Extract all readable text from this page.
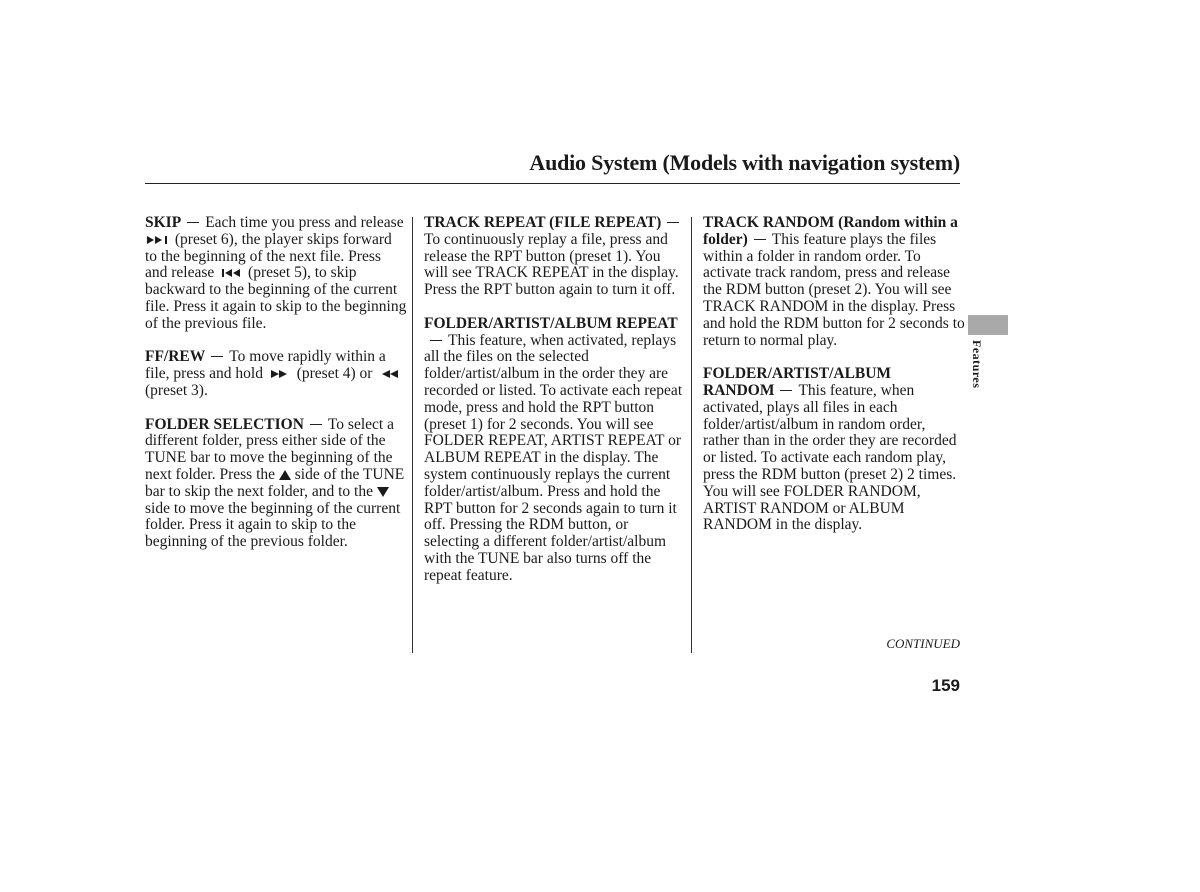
Audio System (Models with navigation system)

SKIP Each time you press and release
(preset 6), the player skips forward to the beginning of the next file. Press and release (preset 5), to skip backward to the beginning of the current file. Press it again to skip to the beginning of the previous file.

FF/REW To move rapidly within a file, press and hold (preset 4) or
(preset 3).

FOLDER SELECTION To select a different folder, press either side of the TUNE bar to move the beginning of the next folder. Press the side of the TUNE bar to skip the next folder, and to the
side to move the beginning of the current folder. Press it again to skip to the beginning of the previous folder.

TRACK REPEAT (FILE REPEAT)To continuously replay a file, press and release the RPT button (preset 1). You will see TRACK REPEAT in the display. Press the RPT button again to turn it off.

FOLDER/ARTIST/ALBUM REPEATThis feature, when activated, replays all the files on the selected folder/artist/album in the order they are recorded or listed. To activate each repeat mode, press and hold the RPT button (preset 1) for 2 seconds. You will see FOLDER REPEAT, ARTIST REPEAT or ALBUM REPEAT in the display. The system continuously replays the current folder/artist/album. Press and hold the RPT button for 2 seconds again to turn it off. Pressing the RDM button, or selecting a different folder/artist/album with the TUNE bar also turns off the repeat feature.

TRACK RANDOM (Random within a folder) This feature plays the files within a folder in random order. To activate track random, press and release the RDM button (preset 2). You will see TRACK RANDOM in the display. Press and hold the RDM button for 2 seconds to return to normal play.

FOLDER/ARTIST/ALBUM RANDOM This feature, when activated, plays all files in each folder/artist/album in random order, rather than in the order they are recorded or listed. To activate each random play, press the RDM button (preset 2) 2 times. You will see FOLDER RANDOM, ARTIST RANDOM or ALBUM RANDOM in the display.

Features
CONTINUED
159
